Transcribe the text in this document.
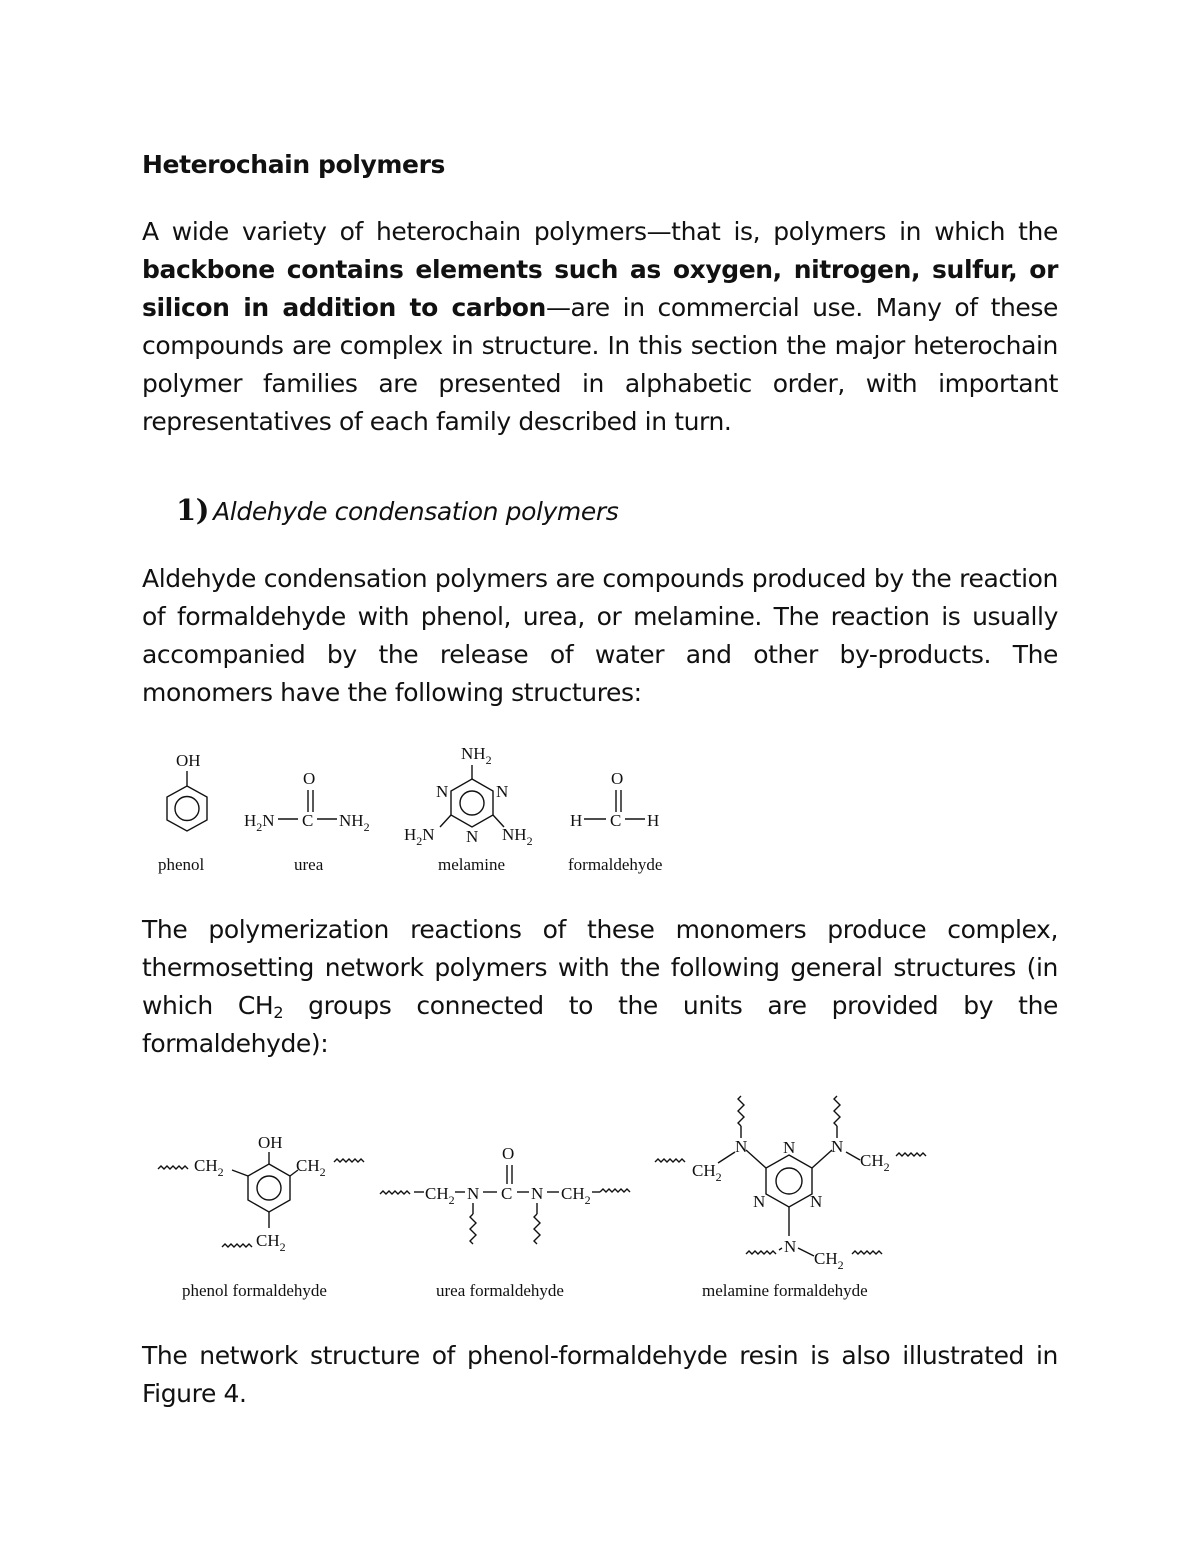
Heterochain polymers
A wide variety of heterochain polymers—that is, polymers in which the backbone contains elements such as oxygen, nitrogen, sulfur, or silicon in addition to carbon—are in commercial use. Many of these compounds are complex in structure. In this section the major heterochain polymer families are presented in alphabetic order, with important representatives of each family described in turn.
1) Aldehyde condensation polymers
Aldehyde condensation polymers are compounds produced by the reaction of formaldehyde with phenol, urea, or melamine. The reaction is usually accompanied by the release of water and other by-products. The monomers have the following structures:
OH
phenol
O
$H_2N$ C $NH_2$
urea
$NH_2$
N	N
N
$H_2N$	$NH_2$
melamine
O
H C H
formaldehyde
OH
$CH_2$	$CH_2$
$CH_2$
phenol formaldehyde
O
$CH_2$ N C N $CH_2$
urea formaldehyde
N	N
$CH_2$
$CH_2$
N
N	N
N
$CH_2$
melamine formaldehyde
The polymerization reactions of these monomers produce complex, thermosetting network polymers with the following general structures (in which $CH_2$ groups connected to the units are provided by the formaldehyde):
The network structure of phenol-formaldehyde resin is also illustrated in Figure 4.
